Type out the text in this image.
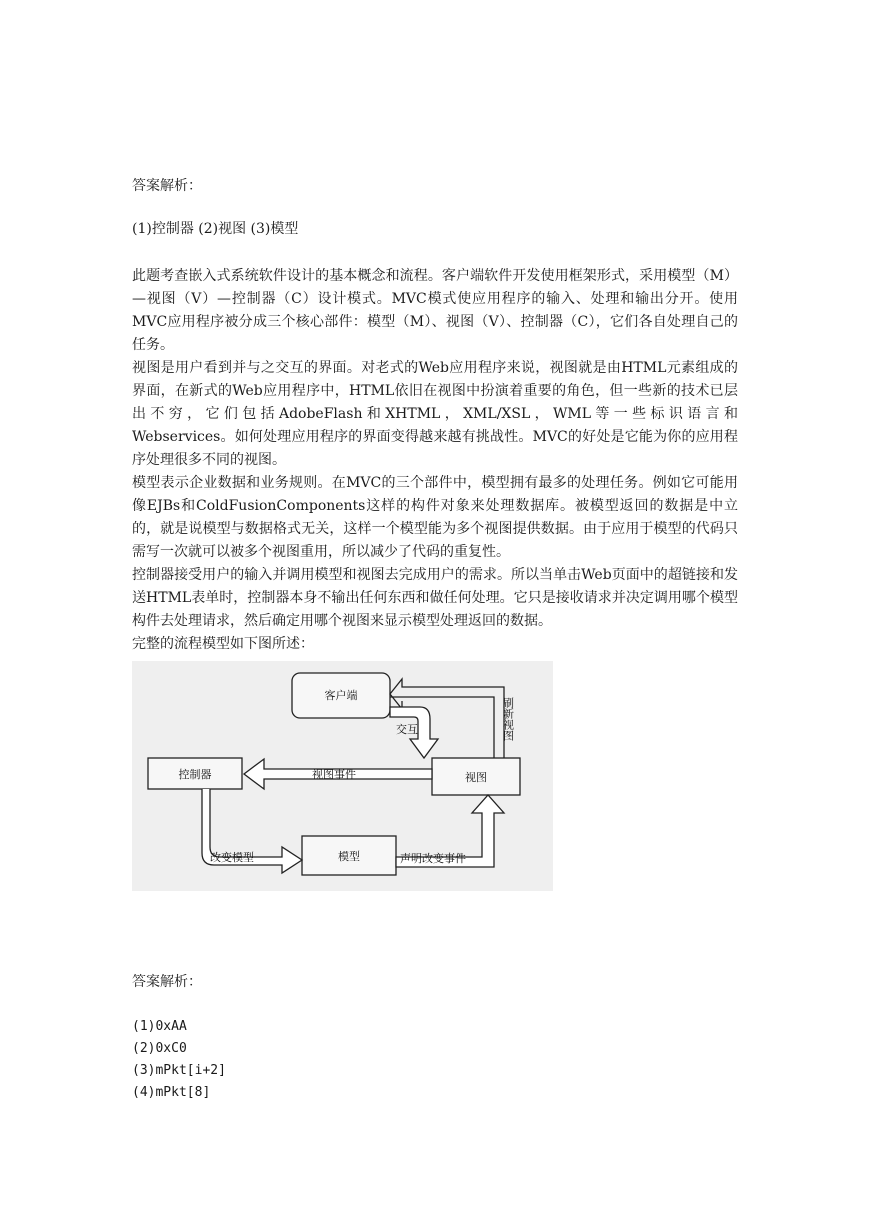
答案解析：
(1)控制器 (2)视图 (3)模型
此题考查嵌入式系统软件设计的基本概念和流程。客户端软件开发使用框架形式，采用模型（M）—视图（V）—控制器（C）设计模式。MVC模式使应用程序的输入、处理和输出分开。使用MVC应用程序被分成三个核心部件：模型（M）、视图（V）、控制器（C），它们各自处理自己的任务。
视图是用户看到并与之交互的界面。对老式的Web应用程序来说，视图就是由HTML元素组成的界面，在新式的Web应用程序中，HTML依旧在视图中扮演着重要的角色，但一些新的技术已层出不穷，它们包括AdobeFlash和XHTML，XML/XSL，WML等一些标识语言和Webservices。如何处理应用程序的界面变得越来越有挑战性。MVC的好处是它能为你的应用程序处理很多不同的视图。
模型表示企业数据和业务规则。在MVC的三个部件中，模型拥有最多的处理任务。例如它可能用像EJBs和ColdFusionComponents这样的构件对象来处理数据库。被模型返回的数据是中立的，就是说模型与数据格式无关，这样一个模型能为多个视图提供数据。由于应用于模型的代码只需写一次就可以被多个视图重用，所以减少了代码的重复性。
控制器接受用户的输入并调用模型和视图去完成用户的需求。所以当单击Web页面中的超链接和发送HTML表单时，控制器本身不输出任何东西和做任何处理。它只是接收请求并决定调用哪个模型构件去处理请求，然后确定用哪个视图来显示模型处理返回的数据。
完整的流程模型如下图所述：
客户端
视图
控制器
模型
刷新视图
交互
视图事件
改变模型	声明改变事件
答案解析：
(1)0xAA
(2)0xC0
(3)mPkt[i+2]
(4)mPkt[8]
